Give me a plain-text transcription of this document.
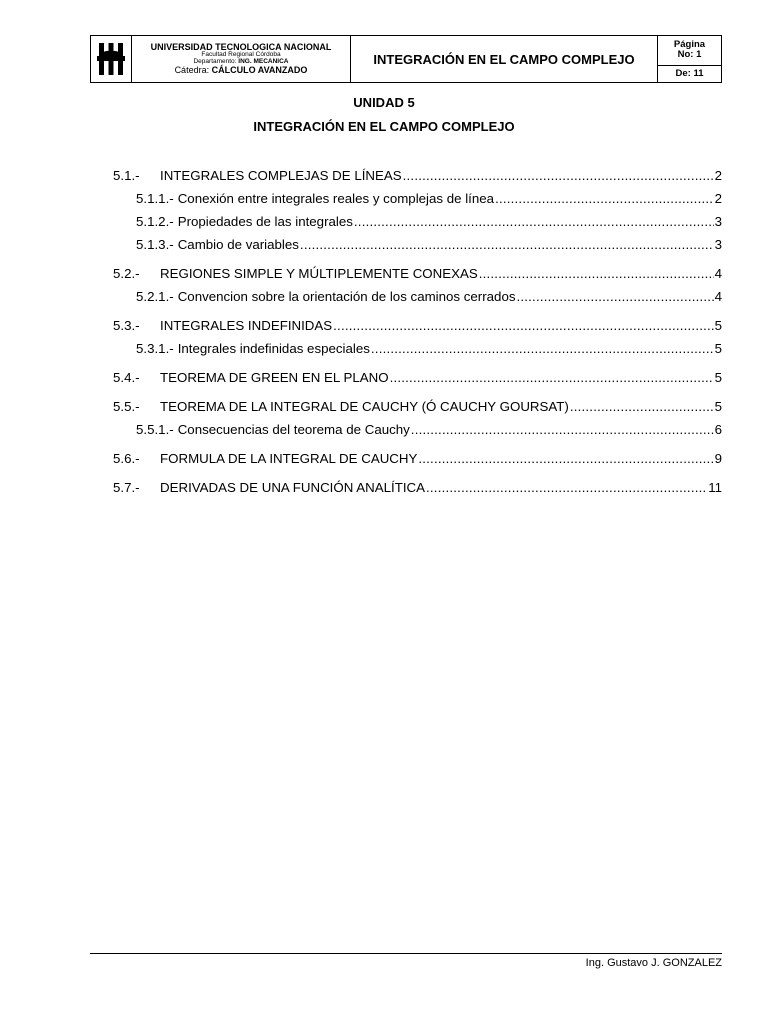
UNIVERSIDAD TECNOLOGICA NACIONAL
Facultad Regional Córdoba
Departamento: ING. MECANICA
Cátedra: CÁLCULO AVANZADO
INTEGRACIÓN EN EL CAMPO COMPLEJO
Página
No: 1
De: 11
UNIDAD 5
INTEGRACIÓN EN EL CAMPO COMPLEJO
5.1.-	INTEGRALES COMPLEJAS DE LÍNEAS .....	2
5.1.1.- Conexión entre integrales reales y complejas de línea .....	2
5.1.2.- Propiedades de las integrales .....	3
5.1.3.- Cambio de variables .....	3
5.2.-	REGIONES SIMPLE Y MÚLTIPLEMENTE CONEXAS .....	4
5.2.1.- Convencion sobre la orientación de los caminos cerrados .....	4
5.3.-	INTEGRALES INDEFINIDAS .....	5
5.3.1.- Integrales indefinidas especiales .....	5
5.4.-	TEOREMA DE GREEN EN EL PLANO .....	5
5.5.-	TEOREMA DE LA INTEGRAL DE CAUCHY (Ó CAUCHY GOURSAT) .....	5
5.5.1.- Consecuencias del teorema de Cauchy .....	6
5.6.-	FORMULA DE LA INTEGRAL DE CAUCHY .....	9
5.7.-	DERIVADAS DE UNA FUNCIÓN ANALÍTICA .....	11
Ing. Gustavo J. GONZALEZ
